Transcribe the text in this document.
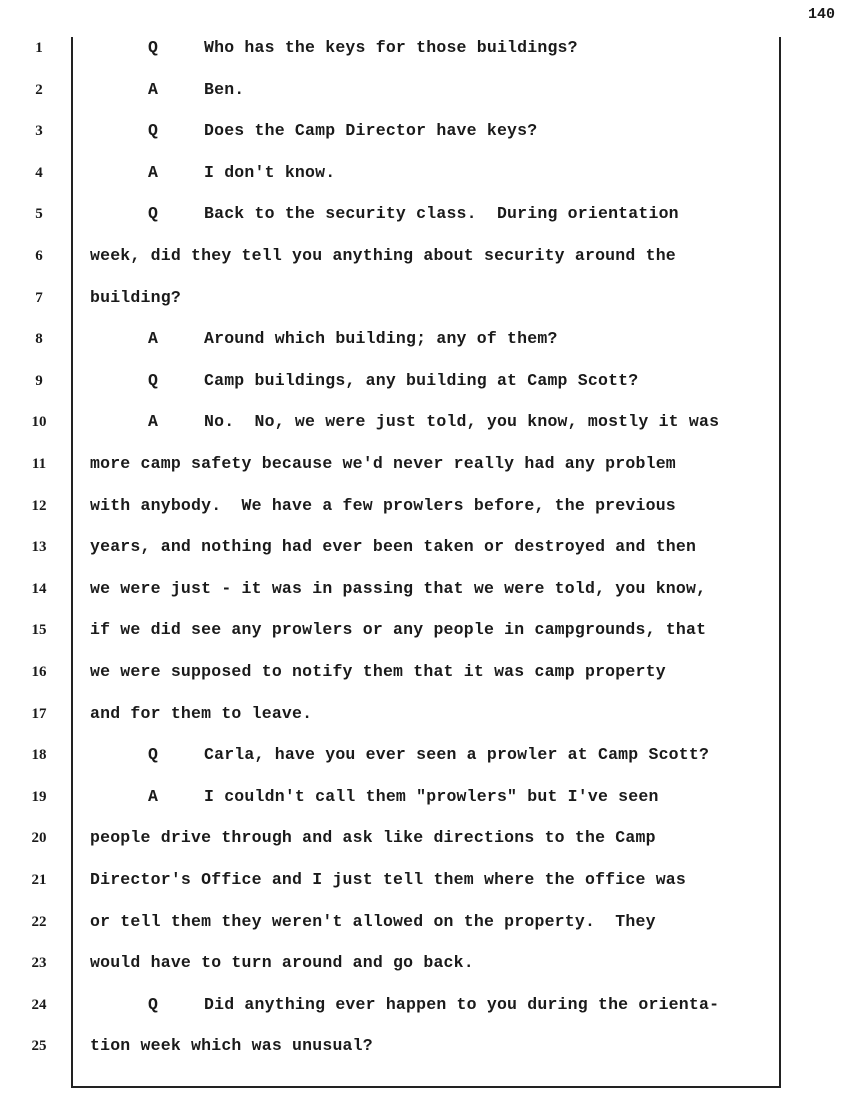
140
1	Q	Who has the keys for those buildings?
2	A	Ben.
3	Q	Does the Camp Director have keys?
4	A	I don't know.
5	Q	Back to the security class.  During orientation
6	week, did they tell you anything about security around the
7	building?
8	A	Around which building; any of them?
9	Q	Camp buildings, any building at Camp Scott?
10	A	No.  No, we were just told, you know, mostly it was
11	more camp safety because we'd never really had any problem
12	with anybody.  We have a few prowlers before, the previous
13	years, and nothing had ever been taken or destroyed and then
14	we were just - it was in passing that we were told, you know,
15	if we did see any prowlers or any people in campgrounds, that
16	we were supposed to notify them that it was camp property
17	and for them to leave.
18	Q	Carla, have you ever seen a prowler at Camp Scott?
19	A	I couldn't call them "prowlers" but I've seen
20	people drive through and ask like directions to the Camp
21	Director's Office and I just tell them where the office was
22	or tell them they weren't allowed on the property.  They
23	would have to turn around and go back.
24	Q	Did anything ever happen to you during the orienta-
25	tion week which was unusual?
